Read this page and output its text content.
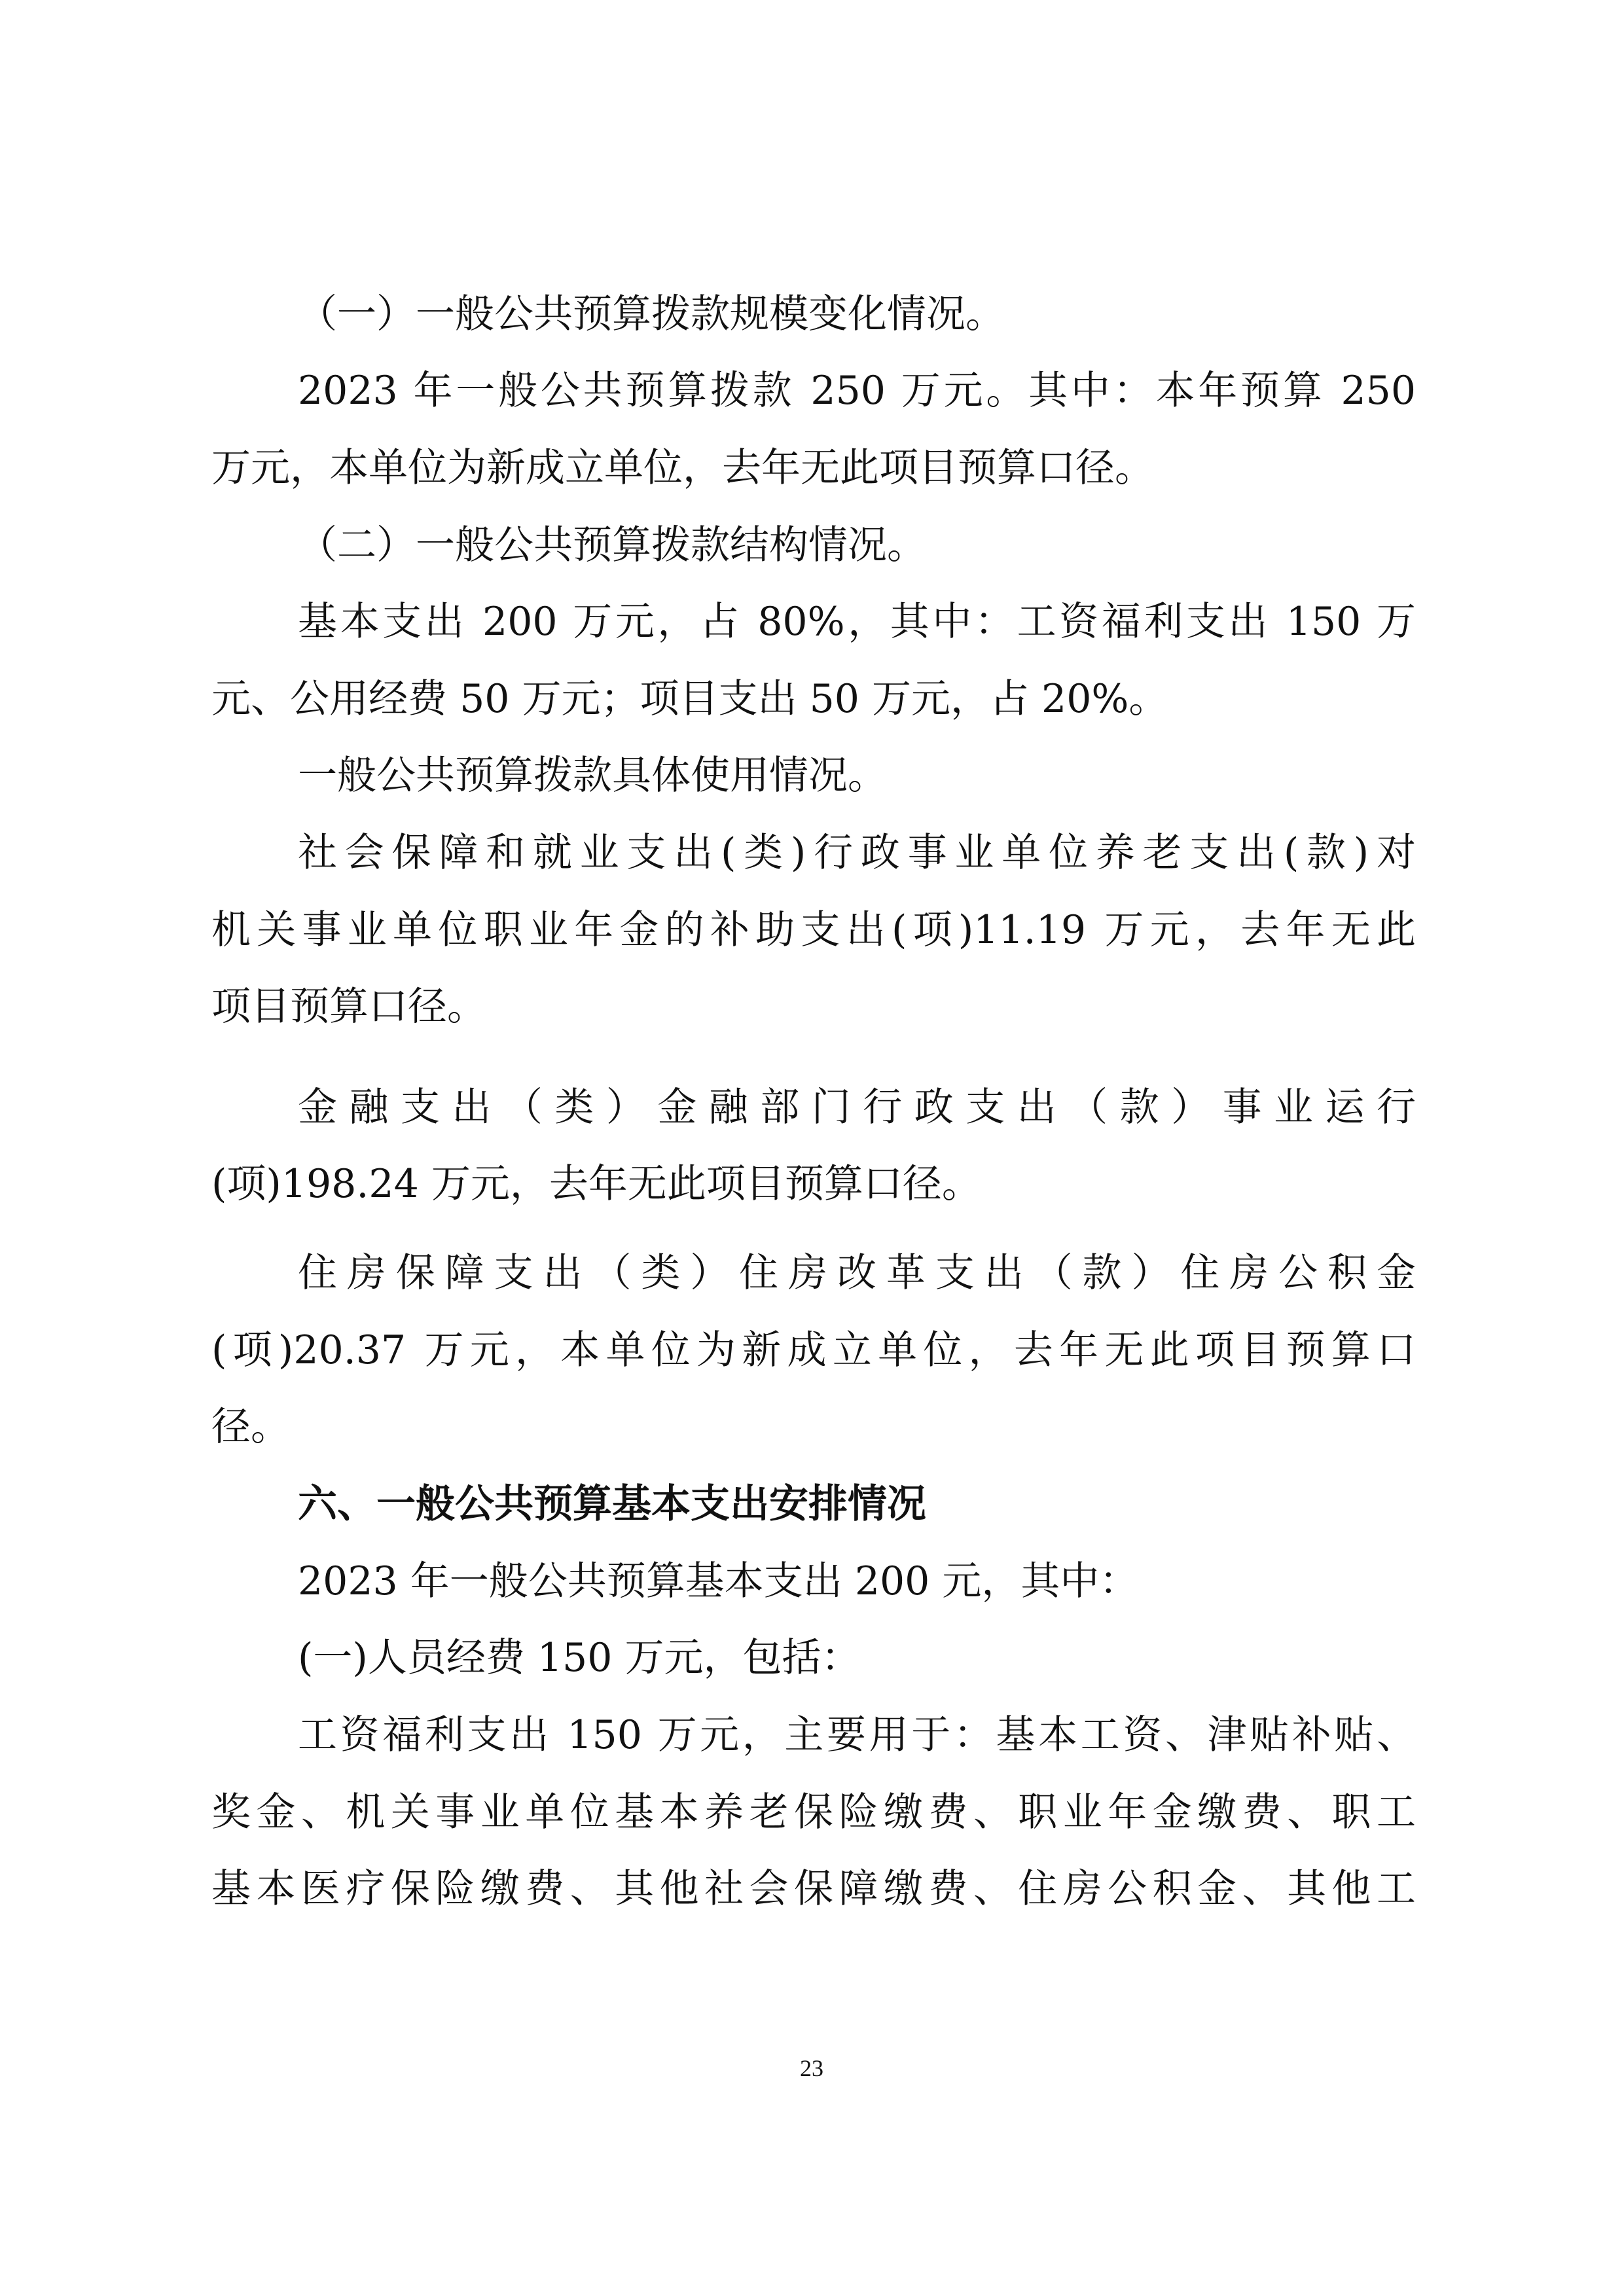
（一）一般公共预算拨款规模变化情况。
2023 年一般公共预算拨款 250 万元。其中：本年预算 250
万元，本单位为新成立单位，去年无此项目预算口径。
（二）一般公共预算拨款结构情况。
基本支出 200 万元，占 80%，其中：工资福利支出 150 万
元、公用经费 50 万元；项目支出 50 万元，占 20%。
一般公共预算拨款具体使用情况。
社会保障和就业支出(类)行政事业单位养老支出(款)对
机关事业单位职业年金的补助支出(项)11.19 万元，去年无此
项目预算口径。
金融支出（类）金融部门行政支出（款）事业运行
(项)198.24 万元，去年无此项目预算口径。
住房保障支出（类）住房改革支出（款）住房公积金
(项)20.37 万元，本单位为新成立单位，去年无此项目预算口
径。
六、一般公共预算基本支出安排情况
2023 年一般公共预算基本支出 200 元，其中：
(一)人员经费 150 万元，包括：
工资福利支出 150 万元，主要用于：基本工资、津贴补贴、
奖金、机关事业单位基本养老保险缴费、职业年金缴费、职工
基本医疗保险缴费、其他社会保障缴费、住房公积金、其他工
23
